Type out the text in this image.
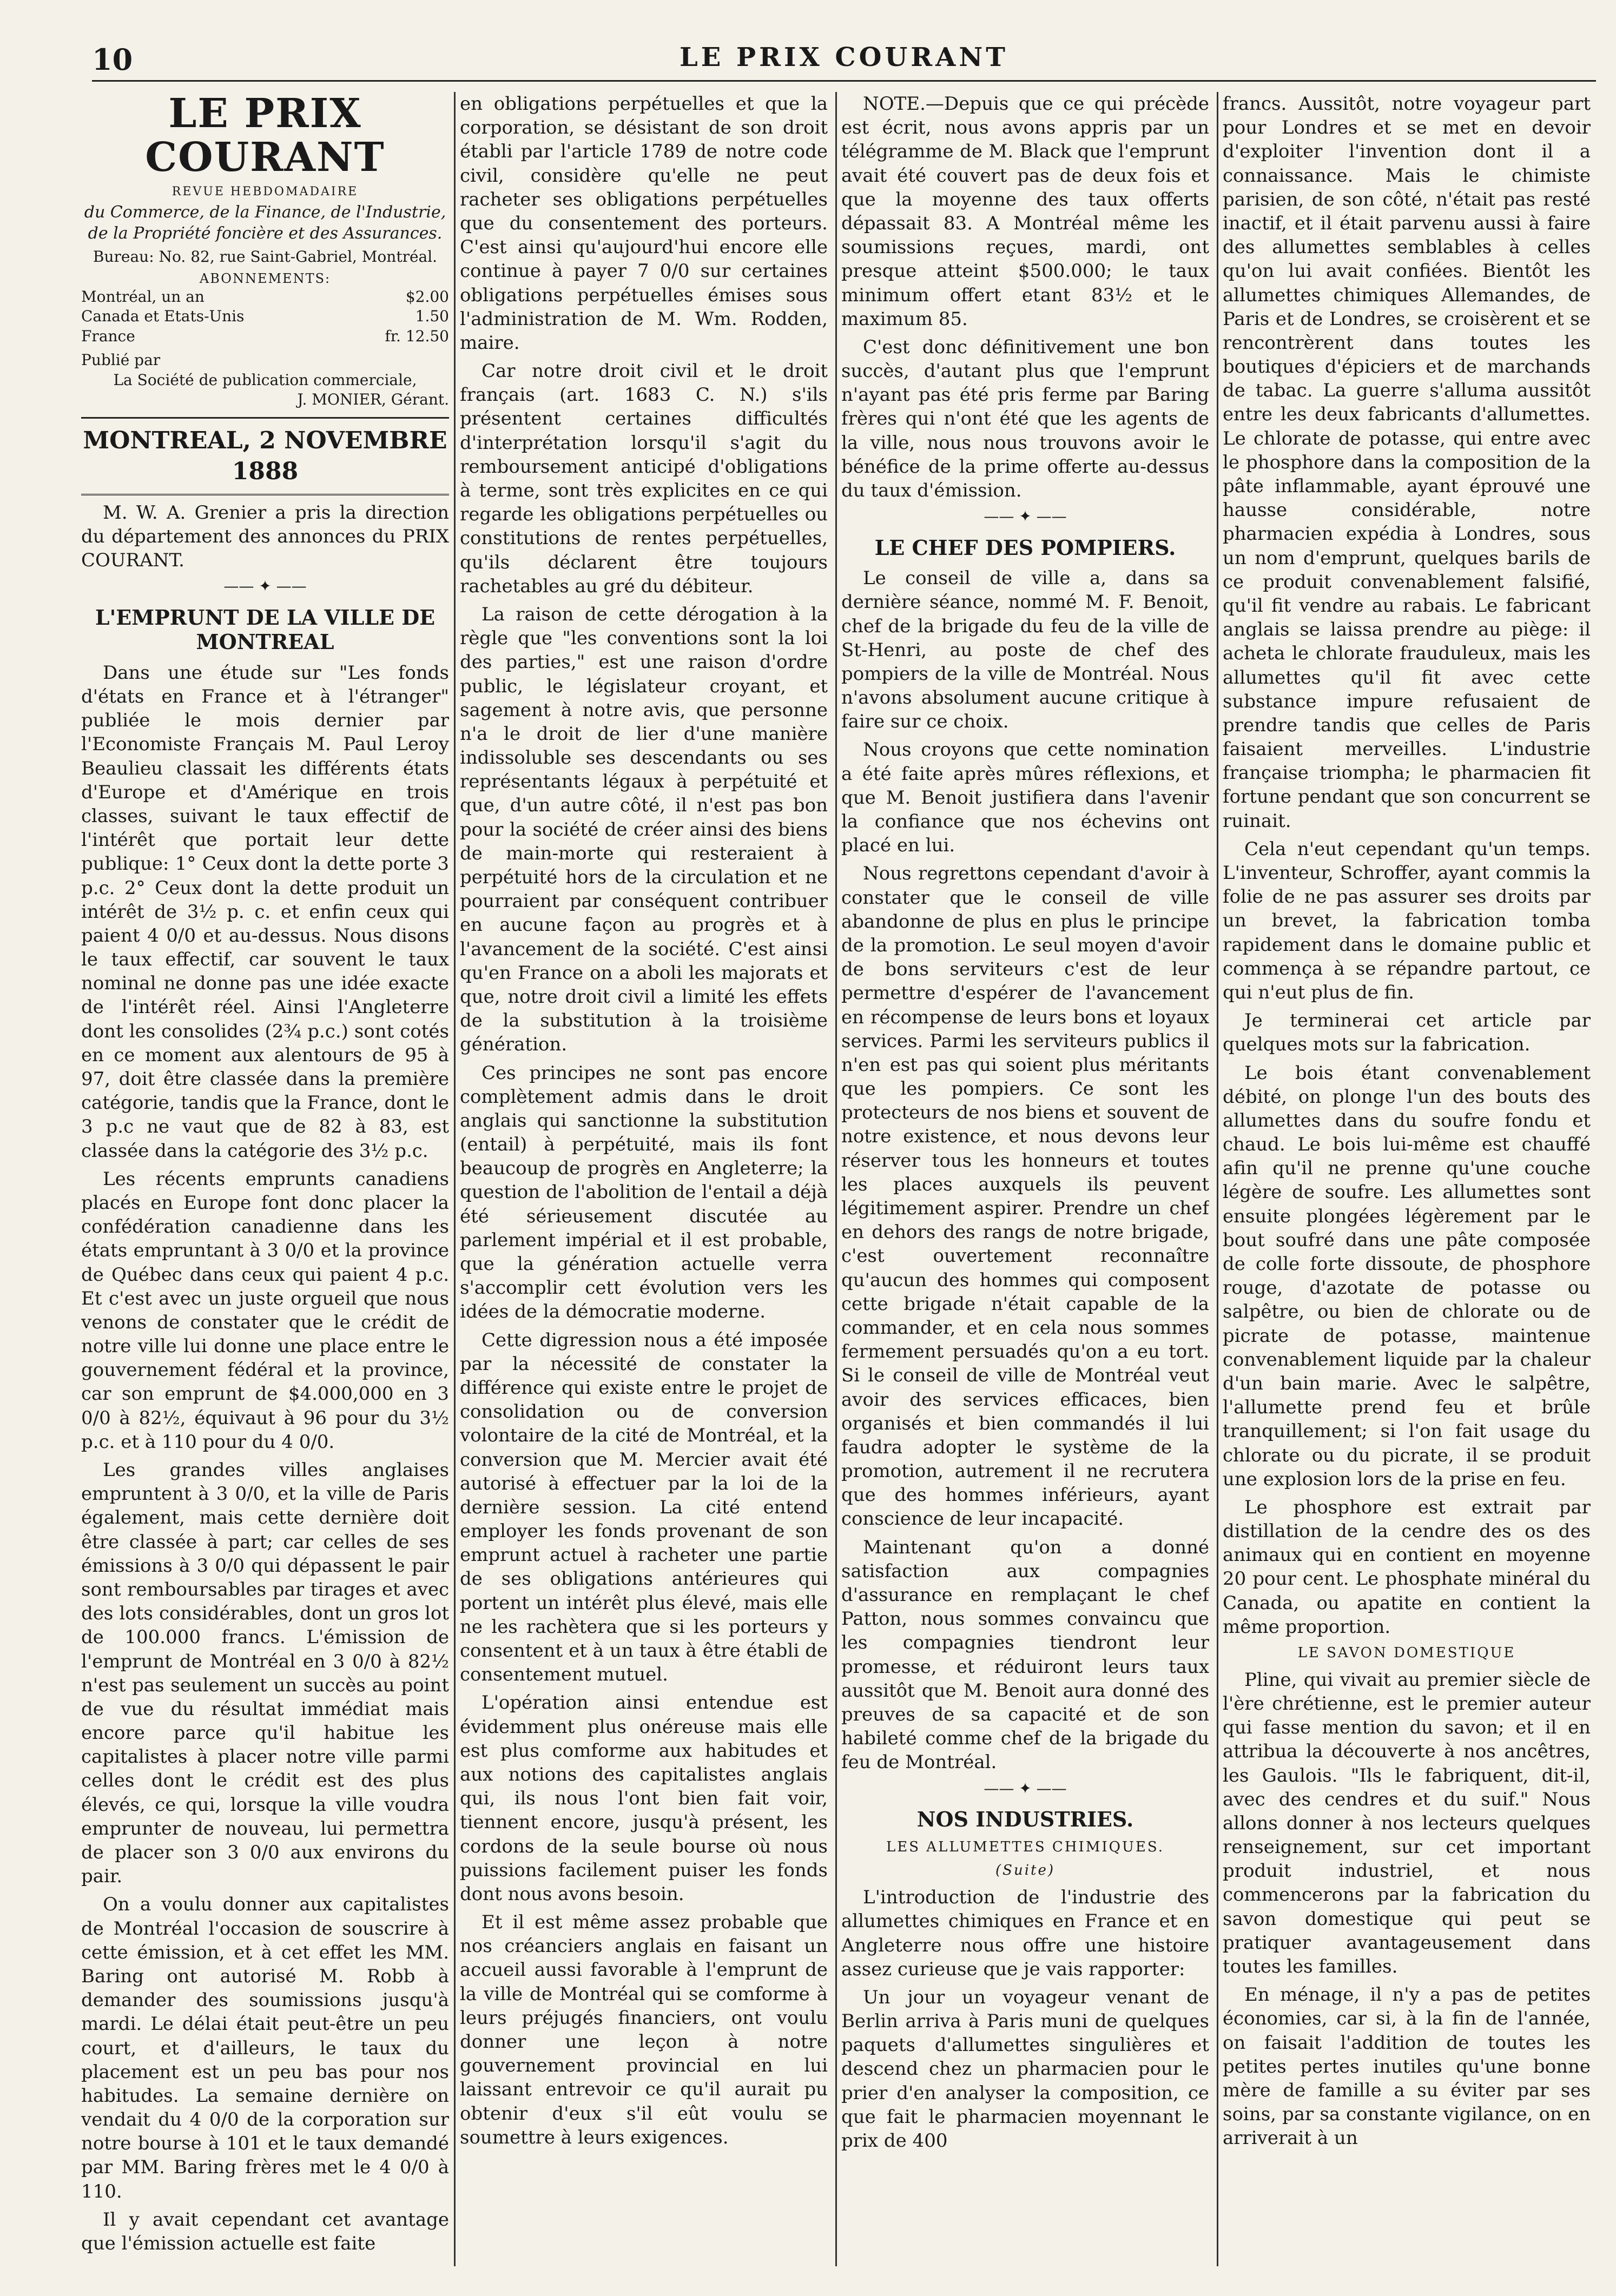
10	LE PRIX COURANT
LE PRIX COURANT
REVUE HEBDOMADAIRE
du Commerce, de la Finance, de l'Industrie, de la Propriété foncière et des Assurances.
Bureau: No. 82, rue Saint-Gabriel, Montréal.
ABONNEMENTS:
Montréal, un an	$2.00
Canada et Etats-Unis	1.50
France	fr. 12.50
Publié par
La Société de publication commerciale,
J. MONIER, Gérant.
MONTREAL, 2 NOVEMBRE 1888

M. W. A. Grenier a pris la direction du département des annonces du PRIX COURANT.

—— ✦ ——
L'EMPRUNT DE LA VILLE DE MONTREAL

Dans une étude sur "Les fonds d'états en France et à l'étranger" publiée le mois dernier par l'Economiste Français M. Paul Leroy Beaulieu classait les différents états d'Europe et d'Amérique en trois classes, suivant le taux effectif de l'intérêt que portait leur dette publique: 1° Ceux dont la dette porte 3 p.c. 2° Ceux dont la dette produit un intérêt de 3½ p. c. et enfin ceux qui paient 4 0/0 et au-dessus. Nous disons le taux effectif, car souvent le taux nominal ne donne pas une idée exacte de l'intérêt réel. Ainsi l'Angleterre dont les consolides (2¾ p.c.) sont cotés en ce moment aux alentours de 95 à 97, doit être classée dans la première catégorie, tandis que la France, dont le 3 p.c ne vaut que de 82 à 83, est classée dans la catégorie des 3½ p.c.

Les récents emprunts canadiens placés en Europe font donc placer la confédération canadienne dans les états empruntant à 3 0/0 et la province de Québec dans ceux qui paient 4 p.c. Et c'est avec un juste orgueil que nous venons de constater que le crédit de notre ville lui donne une place entre le gouvernement fédéral et la province, car son emprunt de $4.000,000 en 3 0/0 à 82½, équivaut à 96 pour du 3½ p.c. et à 110 pour du 4 0/0.

Les grandes villes anglaises empruntent à 3 0/0, et la ville de Paris également, mais cette dernière doit être classée à part; car celles de ses émissions à 3 0/0 qui dépassent le pair sont remboursables par tirages et avec des lots considérables, dont un gros lot de 100.000 francs. L'émission de l'emprunt de Montréal en 3 0/0 à 82½ n'est pas seulement un succès au point de vue du résultat immédiat mais encore parce qu'il habitue les capitalistes à placer notre ville parmi celles dont le crédit est des plus élevés, ce qui, lorsque la ville voudra emprunter de nouveau, lui permettra de placer son 3 0/0 aux environs du pair.

On a voulu donner aux capitalistes de Montréal l'occasion de souscrire à cette émission, et à cet effet les MM. Baring ont autorisé M. Robb à demander des soumissions jusqu'à mardi. Le délai était peut-être un peu court, et d'ailleurs, le taux du placement est un peu bas pour nos habitudes. La semaine dernière on vendait du 4 0/0 de la corporation sur notre bourse à 101 et le taux demandé par MM. Baring frères met le 4 0/0 à 110.

Il y avait cependant cet avantage que l'émission actuelle est faite

en obligations perpétuelles et que la corporation, se désistant de son droit établi par l'article 1789 de notre code civil, considère qu'elle ne peut racheter ses obligations perpétuelles que du consentement des porteurs. C'est ainsi qu'aujourd'hui encore elle continue à payer 7 0/0 sur certaines obligations perpétuelles émises sous l'administration de M. Wm. Rodden, maire.

Car notre droit civil et le droit français (art. 1683 C. N.) s'ils présentent certaines difficultés d'interprétation lorsqu'il s'agit du remboursement anticipé d'obligations à terme, sont très explicites en ce qui regarde les obligations perpétuelles ou constitutions de rentes perpétuelles, qu'ils déclarent être toujours rachetables au gré du débiteur.

La raison de cette dérogation à la règle que "les conventions sont la loi des parties," est une raison d'ordre public, le législateur croyant, et sagement à notre avis, que personne n'a le droit de lier d'une manière indissoluble ses descendants ou ses représentants légaux à perpétuité et que, d'un autre côté, il n'est pas bon pour la société de créer ainsi des biens de main-morte qui resteraient à perpétuité hors de la circulation et ne pourraient par conséquent contribuer en aucune façon au progrès et à l'avancement de la société. C'est ainsi qu'en France on a aboli les majorats et que, notre droit civil a limité les effets de la substitution à la troisième génération.

Ces principes ne sont pas encore complètement admis dans le droit anglais qui sanctionne la substitution (entail) à perpétuité, mais ils font beaucoup de progrès en Angleterre; la question de l'abolition de l'entail a déjà été sérieusement discutée au parlement impérial et il est probable, que la génération actuelle verra s'accomplir cett évolution vers les idées de la démocratie moderne.

Cette digression nous a été imposée par la nécessité de constater la différence qui existe entre le projet de consolidation ou de conversion volontaire de la cité de Montréal, et la conversion que M. Mercier avait été autorisé à effectuer par la loi de la dernière session. La cité entend employer les fonds provenant de son emprunt actuel à racheter une partie de ses obligations antérieures qui portent un intérêt plus élevé, mais elle ne les rachètera que si les porteurs y consentent et à un taux à être établi de consentement mutuel.

L'opération ainsi entendue est évidemment plus onéreuse mais elle est plus comforme aux habitudes et aux notions des capitalistes anglais qui, ils nous l'ont bien fait voir, tiennent encore, jusqu'à présent, les cordons de la seule bourse où nous puissions facilement puiser les fonds dont nous avons besoin.

Et il est même assez probable que nos créanciers anglais en faisant un accueil aussi favorable à l'emprunt de la ville de Montréal qui se comforme à leurs préjugés financiers, ont voulu donner une leçon à notre gouvernement provincial en lui laissant entrevoir ce qu'il aurait pu obtenir d'eux s'il eût voulu se soumettre à leurs exigences.

NOTE.—Depuis que ce qui précède est écrit, nous avons appris par un télégramme de M. Black que l'emprunt avait été couvert pas de deux fois et que la moyenne des taux offerts dépassait 83. A Montréal même les soumissions reçues, mardi, ont presque atteint $500.000; le taux minimum offert etant 83½ et le maximum 85.

C'est donc définitivement une bon succès, d'autant plus que l'emprunt n'ayant pas été pris ferme par Baring frères qui n'ont été que les agents de la ville, nous nous trouvons avoir le bénéfice de la prime offerte au-dessus du taux d'émission.

—— ✦ ——
LE CHEF DES POMPIERS.

Le conseil de ville a, dans sa dernière séance, nommé M. F. Benoit, chef de la brigade du feu de la ville de St-Henri, au poste de chef des pompiers de la ville de Montréal. Nous n'avons absolument aucune critique à faire sur ce choix.

Nous croyons que cette nomination a été faite après mûres réflexions, et que M. Benoit justifiera dans l'avenir la confiance que nos échevins ont placé en lui.

Nous regrettons cependant d'avoir à constater que le conseil de ville abandonne de plus en plus le principe de la promotion. Le seul moyen d'avoir de bons serviteurs c'est de leur permettre d'espérer de l'avancement en récompense de leurs bons et loyaux services. Parmi les serviteurs publics il n'en est pas qui soient plus méritants que les pompiers. Ce sont les protecteurs de nos biens et souvent de notre existence, et nous devons leur réserver tous les honneurs et toutes les places auxquels ils peuvent légitimement aspirer. Prendre un chef en dehors des rangs de notre brigade, c'est ouvertement reconnaître qu'aucun des hommes qui composent cette brigade n'était capable de la commander, et en cela nous sommes fermement persuadés qu'on a eu tort. Si le conseil de ville de Montréal veut avoir des services efficaces, bien organisés et bien commandés il lui faudra adopter le système de la promotion, autrement il ne recrutera que des hommes inférieurs, ayant conscience de leur incapacité.

Maintenant qu'on a donné satisfaction aux compagnies d'assurance en remplaçant le chef Patton, nous sommes convaincu que les compagnies tiendront leur promesse, et réduiront leurs taux aussitôt que M. Benoit aura donné des preuves de sa capacité et de son habileté comme chef de la brigade du feu de Montréal.

—— ✦ ——
NOS INDUSTRIES.
LES ALLUMETTES CHIMIQUES.
(Suite)

L'introduction de l'industrie des allumettes chimiques en France et en Angleterre nous offre une histoire assez curieuse que je vais rapporter:

Un jour un voyageur venant de Berlin arriva à Paris muni de quelques paquets d'allumettes singulières et descend chez un pharmacien pour le prier d'en analyser la composition, ce que fait le pharmacien moyennant le prix de 400

francs. Aussitôt, notre voyageur part pour Londres et se met en devoir d'exploiter l'invention dont il a connaissance. Mais le chimiste parisien, de son côté, n'était pas resté inactif, et il était parvenu aussi à faire des allumettes semblables à celles qu'on lui avait confiées. Bientôt les allumettes chimiques Allemandes, de Paris et de Londres, se croisèrent et se rencontrèrent dans toutes les boutiques d'épiciers et de marchands de tabac. La guerre s'alluma aussitôt entre les deux fabricants d'allumettes. Le chlorate de potasse, qui entre avec le phosphore dans la composition de la pâte inflammable, ayant éprouvé une hausse considérable, notre pharmacien expédia à Londres, sous un nom d'emprunt, quelques barils de ce produit convenablement falsifié, qu'il fit vendre au rabais. Le fabricant anglais se laissa prendre au piège: il acheta le chlorate frauduleux, mais les allumettes qu'il fit avec cette substance impure refusaient de prendre tandis que celles de Paris faisaient merveilles. L'industrie française triompha; le pharmacien fit fortune pendant que son concurrent se ruinait.

Cela n'eut cependant qu'un temps. L'inventeur, Schroffer, ayant commis la folie de ne pas assurer ses droits par un brevet, la fabrication tomba rapidement dans le domaine public et commença à se répandre partout, ce qui n'eut plus de fin.

Je terminerai cet article par quelques mots sur la fabrication.

Le bois étant convenablement débité, on plonge l'un des bouts des allumettes dans du soufre fondu et chaud. Le bois lui-même est chauffé afin qu'il ne prenne qu'une couche légère de soufre. Les allumettes sont ensuite plongées légèrement par le bout soufré dans une pâte composée de colle forte dissoute, de phosphore rouge, d'azotate de potasse ou salpêtre, ou bien de chlorate ou de picrate de potasse, maintenue convenablement liquide par la chaleur d'un bain marie. Avec le salpêtre, l'allumette prend feu et brûle tranquillement; si l'on fait usage du chlorate ou du picrate, il se produit une explosion lors de la prise en feu.

Le phosphore est extrait par distillation de la cendre des os des animaux qui en contient en moyenne 20 pour cent. Le phosphate minéral du Canada, ou apatite en contient la même proportion.

LE SAVON DOMESTIQUE

Pline, qui vivait au premier siècle de l'ère chrétienne, est le premier auteur qui fasse mention du savon; et il en attribua la découverte à nos ancêtres, les Gaulois. "Ils le fabriquent, dit-il, avec des cendres et du suif." Nous allons donner à nos lecteurs quelques renseignement, sur cet important produit industriel, et nous commencerons par la fabrication du savon domestique qui peut se pratiquer avantageusement dans toutes les familles.

En ménage, il n'y a pas de petites économies, car si, à la fin de l'année, on faisait l'addition de toutes les petites pertes inutiles qu'une bonne mère de famille a su éviter par ses soins, par sa constante vigilance, on en arriverait à un
